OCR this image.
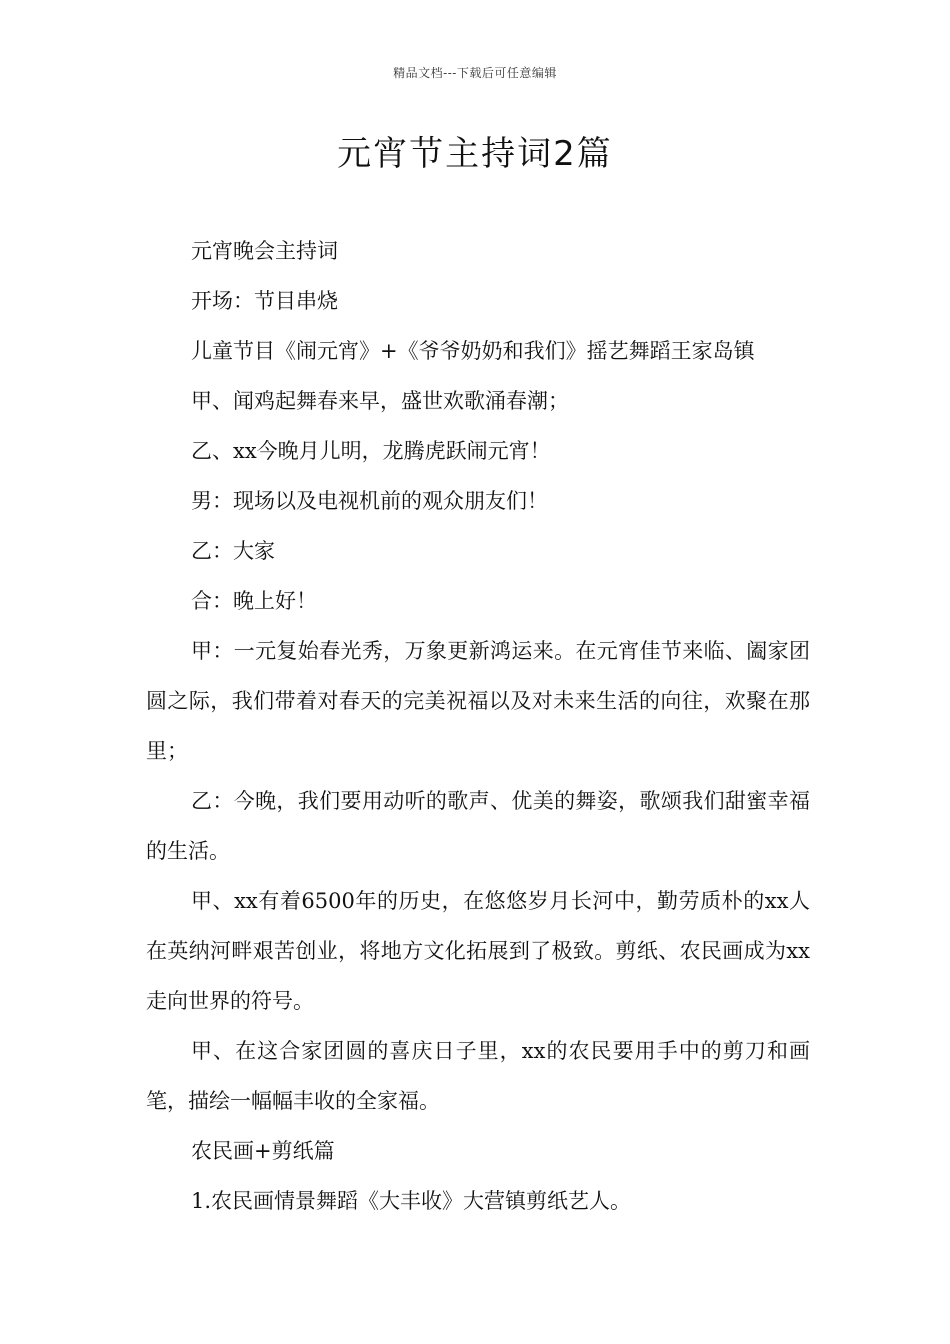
精品文档---下载后可任意编辑
元宵节主持词2篇

元宵晚会主持词

开场：节目串烧

儿童节目《闹元宵》+《爷爷奶奶和我们》摇艺舞蹈王家岛镇

甲、闻鸡起舞春来早，盛世欢歌涌春潮；

乙、xx今晚月儿明，龙腾虎跃闹元宵！

男：现场以及电视机前的观众朋友们！

乙：大家

合：晚上好！

甲：一元复始春光秀，万象更新鸿运来。在元宵佳节来临、阖家团圆之际，我们带着对春天的完美祝福以及对未来生活的向往，欢聚在那里；

乙：今晚，我们要用动听的歌声、优美的舞姿，歌颂我们甜蜜幸福的生活。

甲、xx有着6500年的历史，在悠悠岁月长河中，勤劳质朴的xx人在英纳河畔艰苦创业，将地方文化拓展到了极致。剪纸、农民画成为xx走向世界的符号。

甲、在这合家团圆的喜庆日子里，xx的农民要用手中的剪刀和画笔，描绘一幅幅丰收的全家福。

农民画+剪纸篇

1.农民画情景舞蹈《大丰收》大营镇剪纸艺人。
